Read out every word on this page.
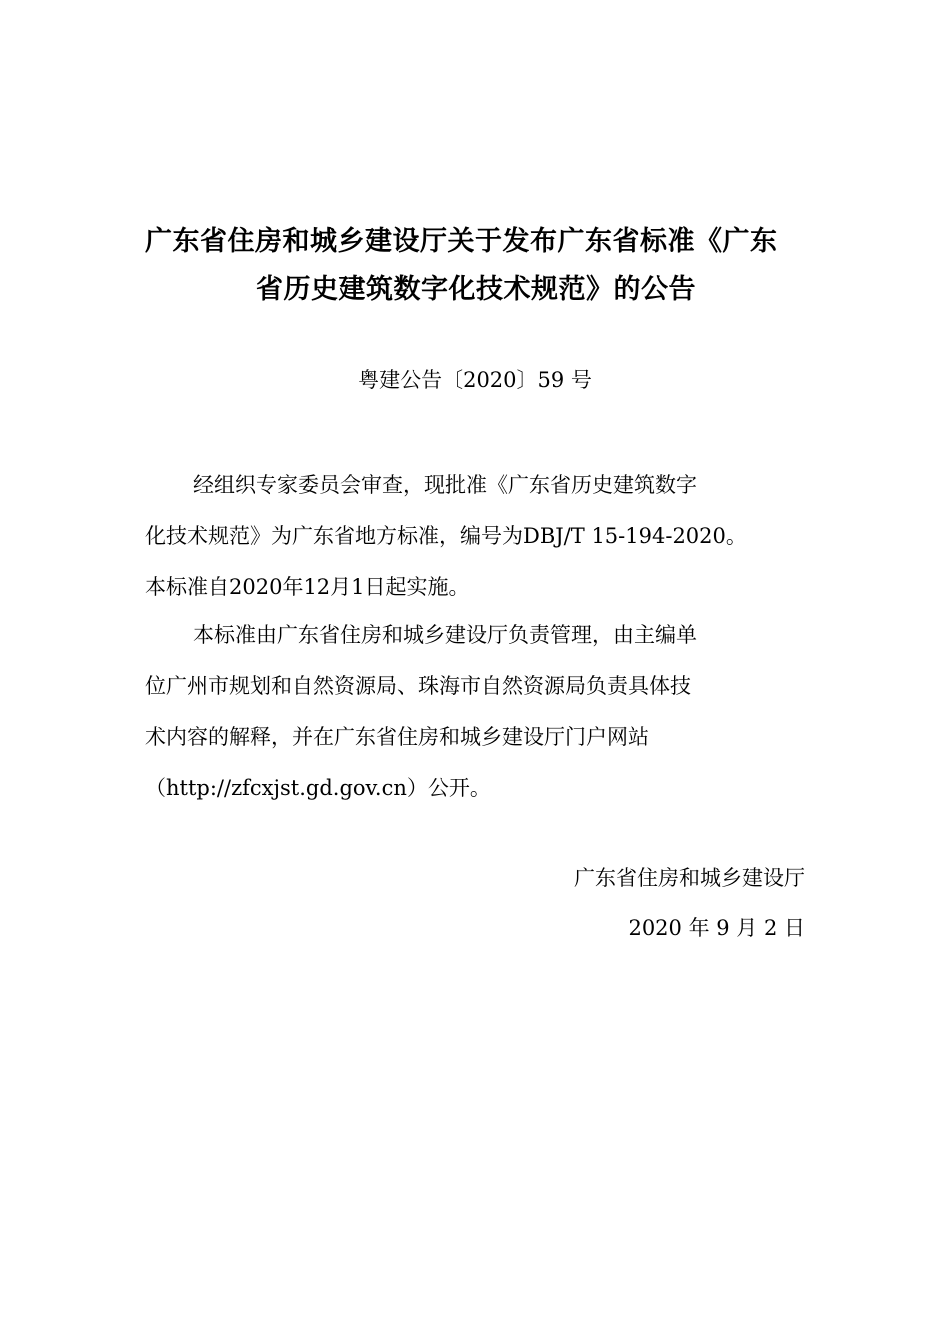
广东省住房和城乡建设厅关于发布广东省标准《广东
省历史建筑数字化技术规范》的公告
粤建公告〔2020〕59 号
经组织专家委员会审查，现批准《广东省历史建筑数字
化技术规范》为广东省地方标准，编号为DBJ/T 15-194-2020。
本标准自2020年12月1日起实施。
本标准由广东省住房和城乡建设厅负责管理，由主编单
位广州市规划和自然资源局、珠海市自然资源局负责具体技
术内容的解释，并在广东省住房和城乡建设厅门户网站
（http://zfcxjst.gd.gov.cn）公开。
广东省住房和城乡建设厅
2020 年 9 月 2 日
